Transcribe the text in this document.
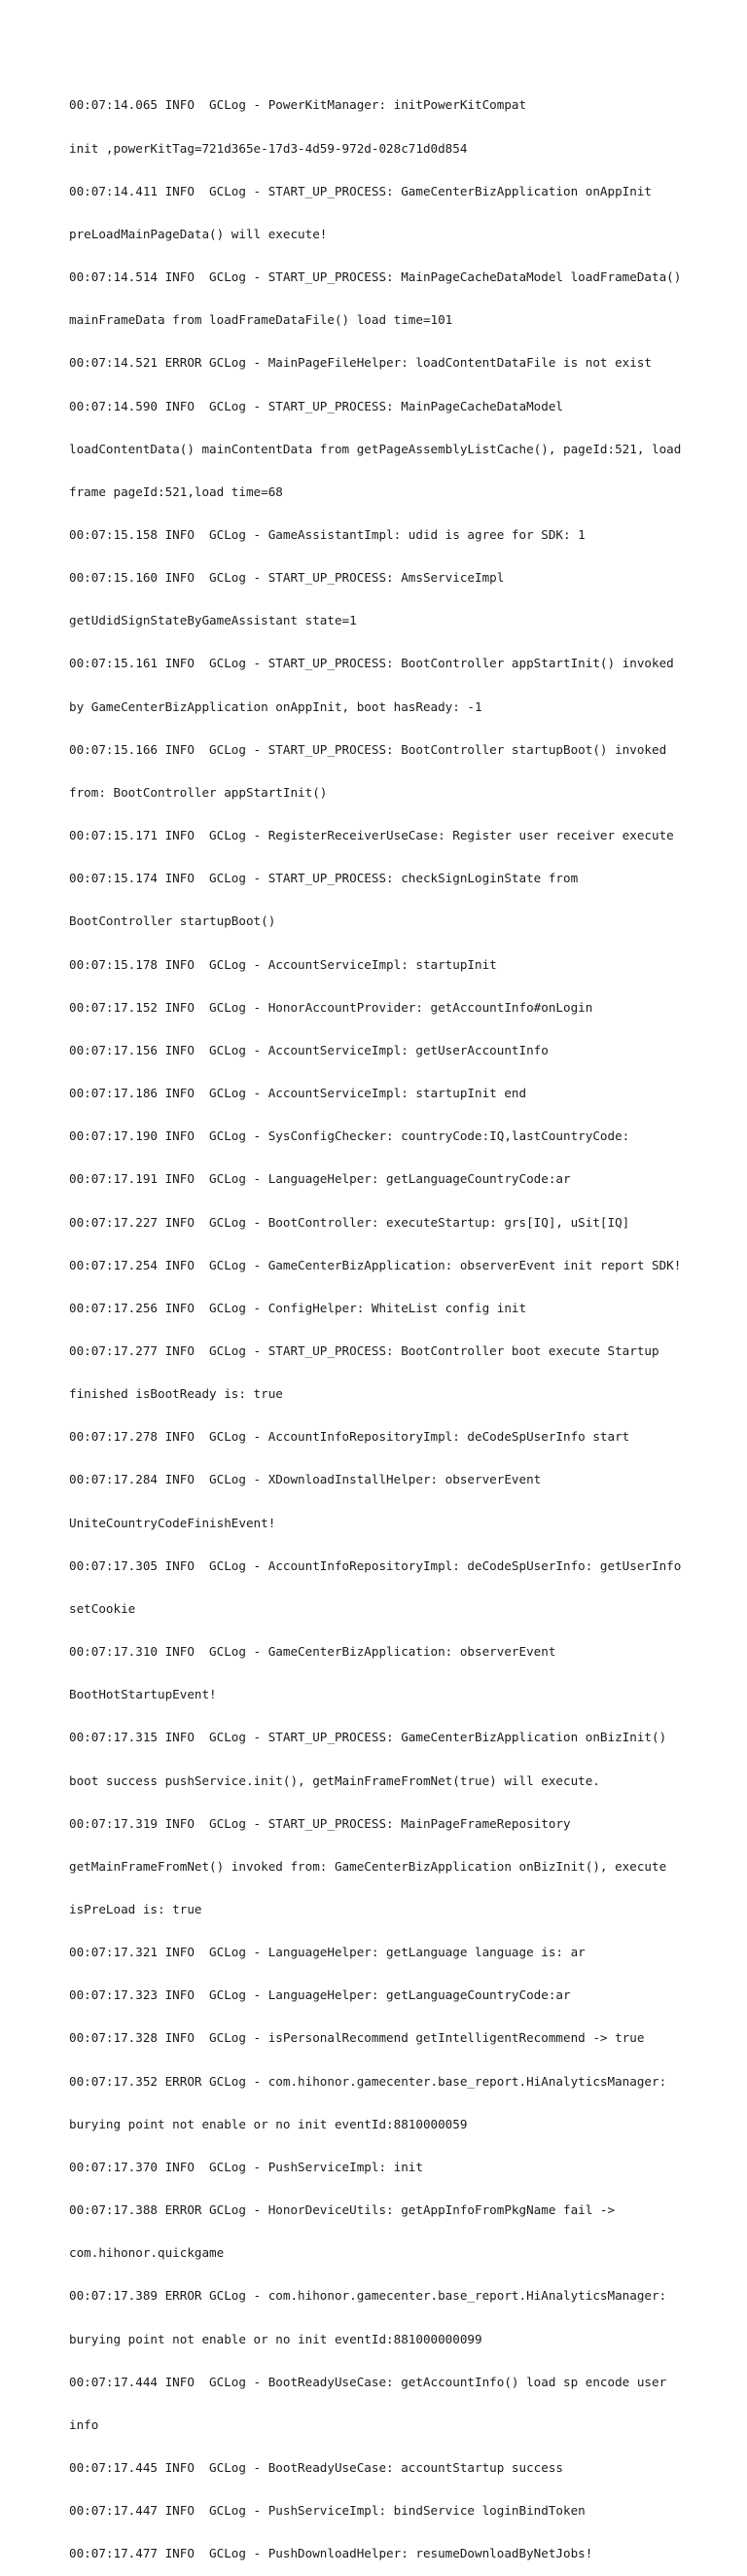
00:07:14.065 INFO  GCLog - PowerKitManager: initPowerKitCompat

init ,powerKitTag=721d365e-17d3-4d59-972d-028c71d0d854

00:07:14.411 INFO  GCLog - START_UP_PROCESS: GameCenterBizApplication onAppInit

preLoadMainPageData() will execute!

00:07:14.514 INFO  GCLog - START_UP_PROCESS: MainPageCacheDataModel loadFrameData()

mainFrameData from loadFrameDataFile() load time=101

00:07:14.521 ERROR GCLog - MainPageFileHelper: loadContentDataFile is not exist

00:07:14.590 INFO  GCLog - START_UP_PROCESS: MainPageCacheDataModel

loadContentData() mainContentData from getPageAssemblyListCache(), pageId:521, load

frame pageId:521,load time=68

00:07:15.158 INFO  GCLog - GameAssistantImpl: udid is agree for SDK: 1

00:07:15.160 INFO  GCLog - START_UP_PROCESS: AmsServiceImpl

getUdidSignStateByGameAssistant state=1

00:07:15.161 INFO  GCLog - START_UP_PROCESS: BootController appStartInit() invoked

by GameCenterBizApplication onAppInit, boot hasReady: -1

00:07:15.166 INFO  GCLog - START_UP_PROCESS: BootController startupBoot() invoked

from: BootController appStartInit()

00:07:15.171 INFO  GCLog - RegisterReceiverUseCase: Register user receiver execute

00:07:15.174 INFO  GCLog - START_UP_PROCESS: checkSignLoginState from

BootController startupBoot()

00:07:15.178 INFO  GCLog - AccountServiceImpl: startupInit

00:07:17.152 INFO  GCLog - HonorAccountProvider: getAccountInfo#onLogin

00:07:17.156 INFO  GCLog - AccountServiceImpl: getUserAccountInfo

00:07:17.186 INFO  GCLog - AccountServiceImpl: startupInit end

00:07:17.190 INFO  GCLog - SysConfigChecker: countryCode:IQ,lastCountryCode:

00:07:17.191 INFO  GCLog - LanguageHelper: getLanguageCountryCode:ar

00:07:17.227 INFO  GCLog - BootController: executeStartup: grs[IQ], uSit[IQ]

00:07:17.254 INFO  GCLog - GameCenterBizApplication: observerEvent init report SDK!

00:07:17.256 INFO  GCLog - ConfigHelper: WhiteList config init

00:07:17.277 INFO  GCLog - START_UP_PROCESS: BootController boot execute Startup

finished isBootReady is: true

00:07:17.278 INFO  GCLog - AccountInfoRepositoryImpl: deCodeSpUserInfo start

00:07:17.284 INFO  GCLog - XDownloadInstallHelper: observerEvent

UniteCountryCodeFinishEvent!

00:07:17.305 INFO  GCLog - AccountInfoRepositoryImpl: deCodeSpUserInfo: getUserInfo

setCookie

00:07:17.310 INFO  GCLog - GameCenterBizApplication: observerEvent

BootHotStartupEvent!

00:07:17.315 INFO  GCLog - START_UP_PROCESS: GameCenterBizApplication onBizInit()

boot success pushService.init(), getMainFrameFromNet(true) will execute.

00:07:17.319 INFO  GCLog - START_UP_PROCESS: MainPageFrameRepository

getMainFrameFromNet() invoked from: GameCenterBizApplication onBizInit(), execute

isPreLoad is: true

00:07:17.321 INFO  GCLog - LanguageHelper: getLanguage language is: ar

00:07:17.323 INFO  GCLog - LanguageHelper: getLanguageCountryCode:ar

00:07:17.328 INFO  GCLog - isPersonalRecommend getIntelligentRecommend -> true

00:07:17.352 ERROR GCLog - com.hihonor.gamecenter.base_report.HiAnalyticsManager:

burying point not enable or no init eventId:8810000059

00:07:17.370 INFO  GCLog - PushServiceImpl: init

00:07:17.388 ERROR GCLog - HonorDeviceUtils: getAppInfoFromPkgName fail ->

com.hihonor.quickgame

00:07:17.389 ERROR GCLog - com.hihonor.gamecenter.base_report.HiAnalyticsManager:

burying point not enable or no init eventId:881000000099

00:07:17.444 INFO  GCLog - BootReadyUseCase: getAccountInfo() load sp encode user

info

00:07:17.445 INFO  GCLog - BootReadyUseCase: accountStartup success

00:07:17.447 INFO  GCLog - PushServiceImpl: bindService loginBindToken

00:07:17.477 INFO  GCLog - PushDownloadHelper: resumeDownloadByNetJobs!
